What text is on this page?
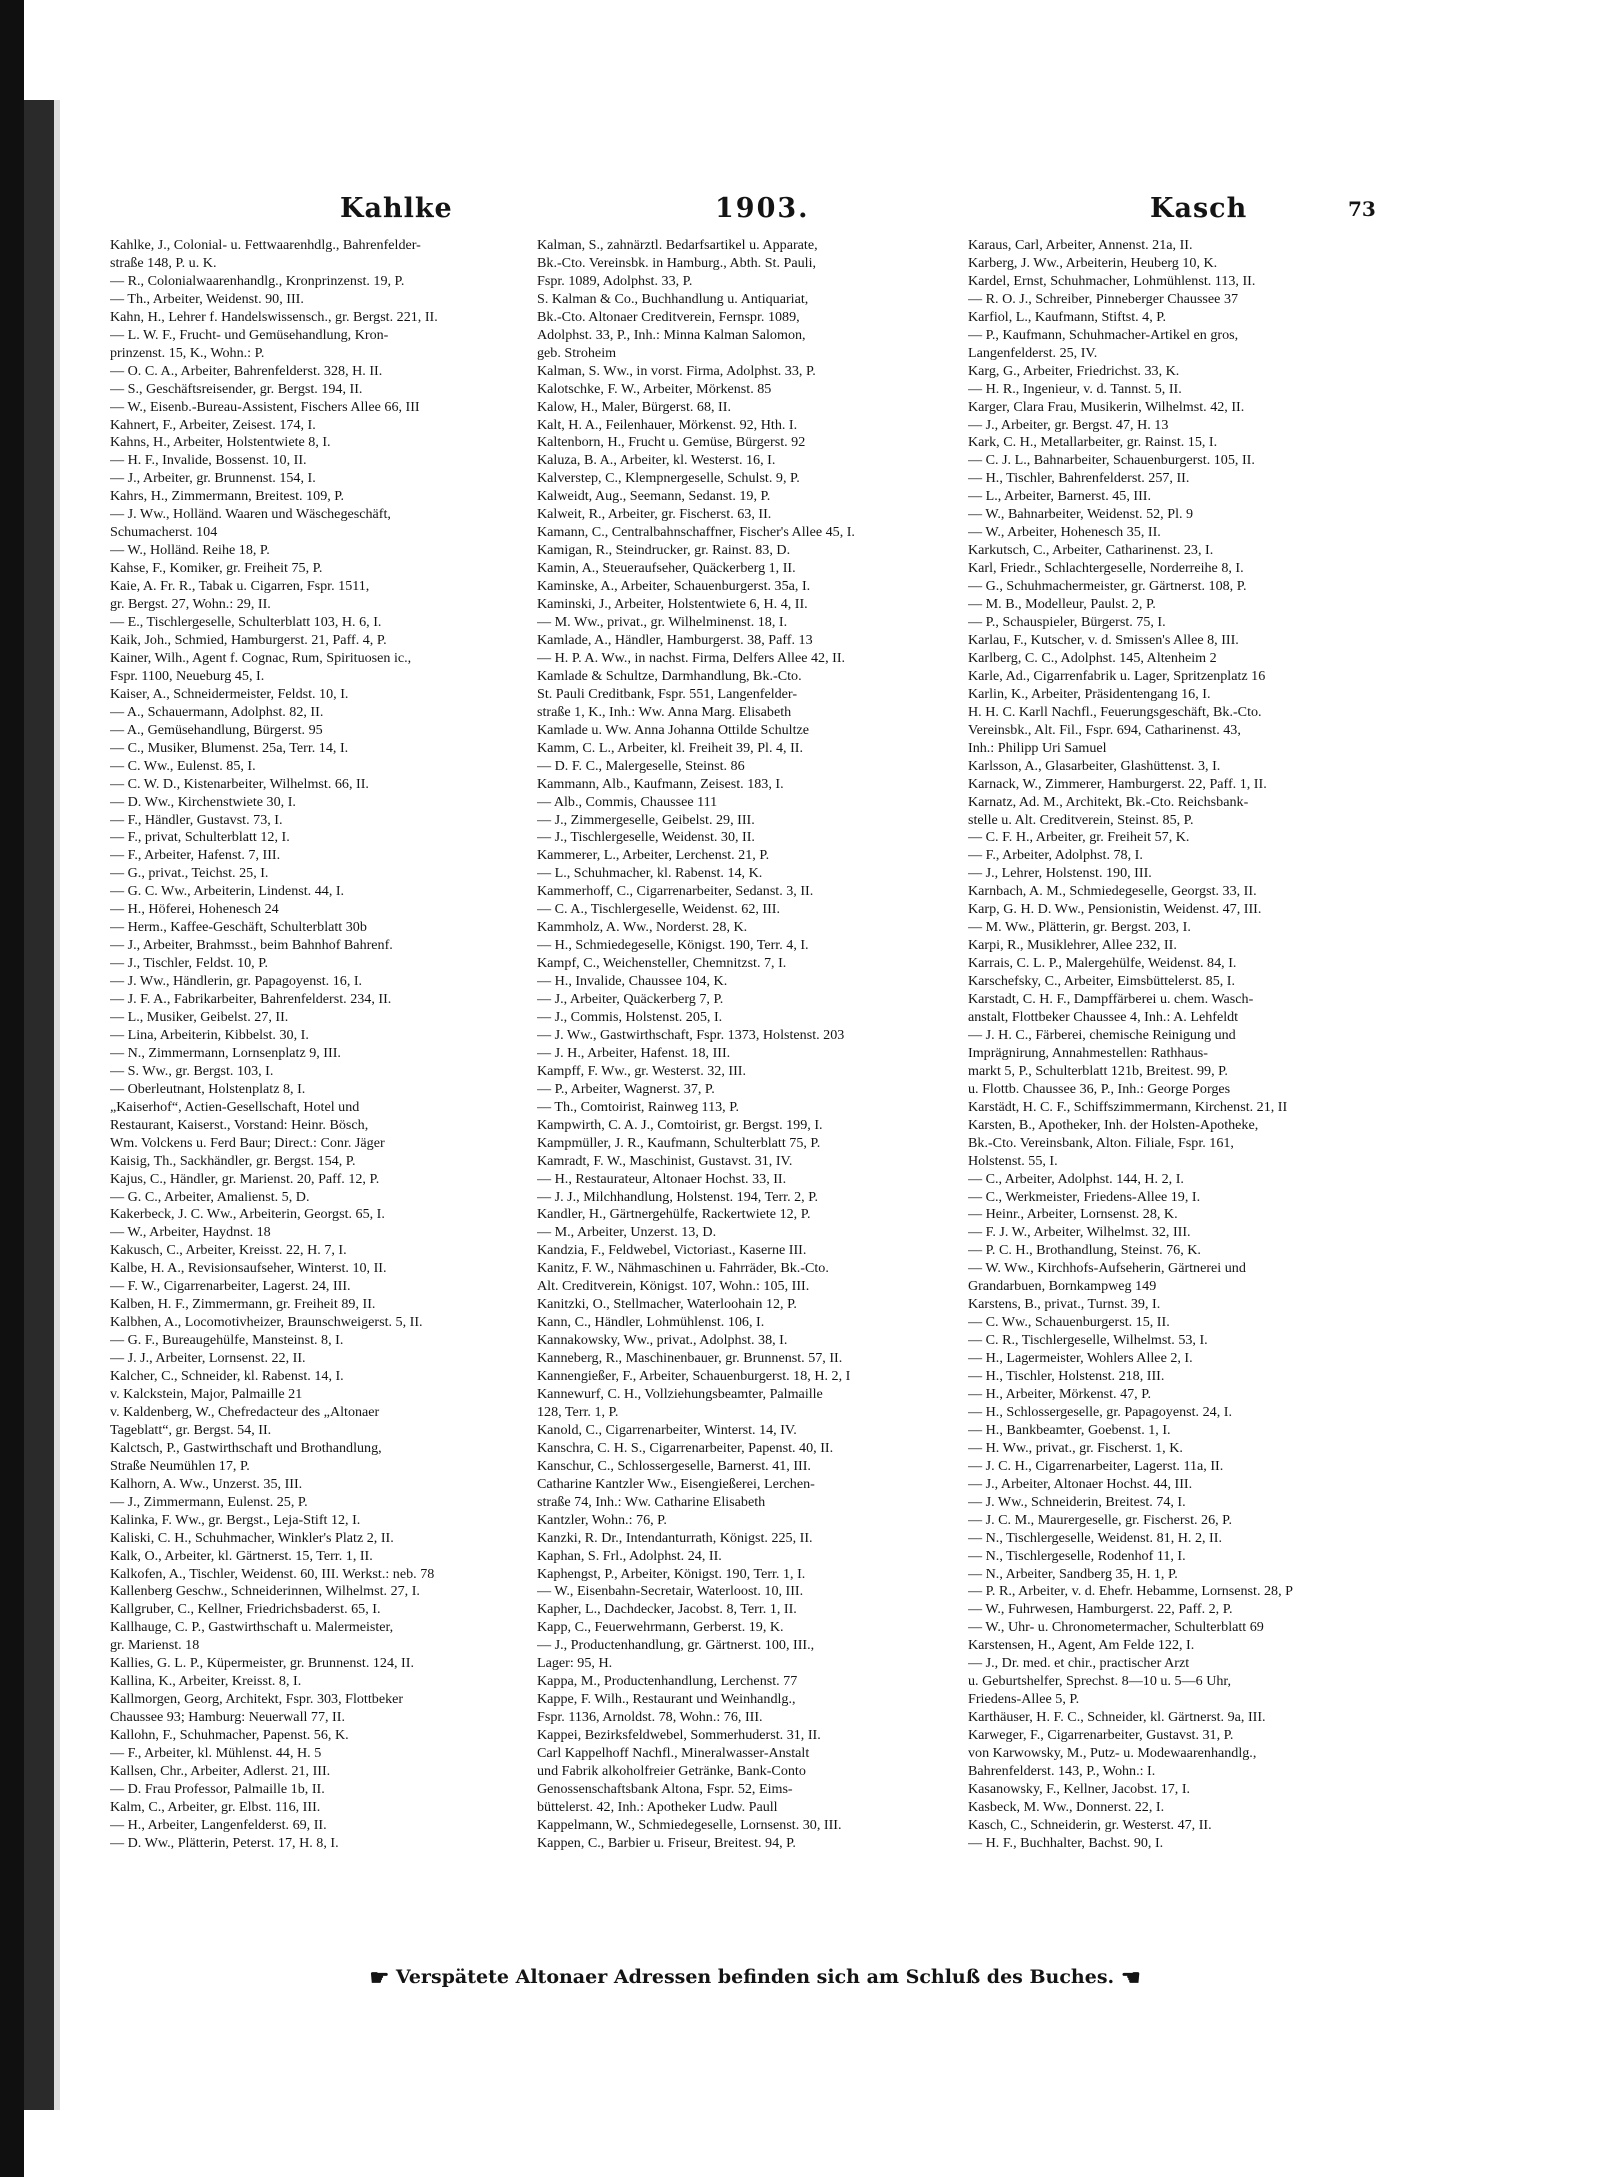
Kahlke	1903.	Kasch	73
Kahlke, J., Colonial- u. Fettwaarenhdlg., Bahrenfelder-
straße 148, P. u. K.
— R., Colonialwaarenhandlg., Kronprinzenst. 19, P.
— Th., Arbeiter, Weidenst. 90, III.
Kahn, H., Lehrer f. Handelswissensch., gr. Bergst. 221, II.
— L. W. F., Frucht- und Gemüsehandlung, Kron-
prinzenst. 15, K., Wohn.: P.
— O. C. A., Arbeiter, Bahrenfelderst. 328, H. II.
— S., Geschäftsreisender, gr. Bergst. 194, II.
— W., Eisenb.-Bureau-Assistent, Fischers Allee 66, III
Kahnert, F., Arbeiter, Zeisest. 174, I.
Kahns, H., Arbeiter, Holstentwiete 8, I.
— H. F., Invalide, Bossenst. 10, II.
— J., Arbeiter, gr. Brunnenst. 154, I.
Kahrs, H., Zimmermann, Breitest. 109, P.
— J. Ww., Holländ. Waaren und Wäschegeschäft,
Schumacherst. 104
— W., Holländ. Reihe 18, P.
Kahse, F., Komiker, gr. Freiheit 75, P.
Kaie, A. Fr. R., Tabak u. Cigarren, Fspr. 1511,
gr. Bergst. 27, Wohn.: 29, II.
— E., Tischlergeselle, Schulterblatt 103, H. 6, I.
Kaik, Joh., Schmied, Hamburgerst. 21, Paff. 4, P.
Kainer, Wilh., Agent f. Cognac, Rum, Spirituosen ic.,
Fspr. 1100, Neueburg 45, I.
Kaiser, A., Schneidermeister, Feldst. 10, I.
— A., Schauermann, Adolphst. 82, II.
— A., Gemüsehandlung, Bürgerst. 95
— C., Musiker, Blumenst. 25a, Terr. 14, I.
— C. Ww., Eulenst. 85, I.
— C. W. D., Kistenarbeiter, Wilhelmst. 66, II.
— D. Ww., Kirchenstwiete 30, I.
— F., Händler, Gustavst. 73, I.
— F., privat, Schulterblatt 12, I.
— F., Arbeiter, Hafenst. 7, III.
— G., privat., Teichst. 25, I.
— G. C. Ww., Arbeiterin, Lindenst. 44, I.
— H., Höferei, Hohenesch 24
— Herm., Kaffee-Geschäft, Schulterblatt 30b
— J., Arbeiter, Brahmsst., beim Bahnhof Bahrenf.
— J., Tischler, Feldst. 10, P.
— J. Ww., Händlerin, gr. Papagoyenst. 16, I.
— J. F. A., Fabrikarbeiter, Bahrenfelderst. 234, II.
— L., Musiker, Geibelst. 27, II.
— Lina, Arbeiterin, Kibbelst. 30, I.
— N., Zimmermann, Lornsenplatz 9, III.
— S. Ww., gr. Bergst. 103, I.
— Oberleutnant, Holstenplatz 8, I.
„Kaiserhof“, Actien-Gesellschaft, Hotel und
Restaurant, Kaiserst., Vorstand: Heinr. Bösch,
Wm. Volckens u. Ferd Baur; Direct.: Conr. Jäger
Kaisig, Th., Sackhändler, gr. Bergst. 154, P.
Kajus, C., Händler, gr. Marienst. 20, Paff. 12, P.
— G. C., Arbeiter, Amalienst. 5, D.
Kakerbeck, J. C. Ww., Arbeiterin, Georgst. 65, I.
— W., Arbeiter, Haydnst. 18
Kakusch, C., Arbeiter, Kreisst. 22, H. 7, I.
Kalbe, H. A., Revisionsaufseher, Winterst. 10, II.
— F. W., Cigarrenarbeiter, Lagerst. 24, III.
Kalben, H. F., Zimmermann, gr. Freiheit 89, II.
Kalbhen, A., Locomotivheizer, Braunschweigerst. 5, II.
— G. F., Bureaugehülfe, Mansteinst. 8, I.
— J. J., Arbeiter, Lornsenst. 22, II.
Kalcher, C., Schneider, kl. Rabenst. 14, I.
v. Kalckstein, Major, Palmaille 21
v. Kaldenberg, W., Chefredacteur des „Altonaer
Tageblatt“, gr. Bergst. 54, II.
Kalctsch, P., Gastwirthschaft und Brothandlung,
Straße Neumühlen 17, P.
Kalhorn, A. Ww., Unzerst. 35, III.
— J., Zimmermann, Eulenst. 25, P.
Kalinka, F. Ww., gr. Bergst., Leja-Stift 12, I.
Kaliski, C. H., Schuhmacher, Winkler's Platz 2, II.
Kalk, O., Arbeiter, kl. Gärtnerst. 15, Terr. 1, II.
Kalkofen, A., Tischler, Weidenst. 60, III. Werkst.: neb. 78
Kallenberg Geschw., Schneiderinnen, Wilhelmst. 27, I.
Kallgruber, C., Kellner, Friedrichsbaderst. 65, I.
Kallhauge, C. P., Gastwirthschaft u. Malermeister,
gr. Marienst. 18
Kallies, G. L. P., Küpermeister, gr. Brunnenst. 124, II.
Kallina, K., Arbeiter, Kreisst. 8, I.
Kallmorgen, Georg, Architekt, Fspr. 303, Flottbeker
Chaussee 93; Hamburg: Neuerwall 77, II.
Kallohn, F., Schuhmacher, Papenst. 56, K.
— F., Arbeiter, kl. Mühlenst. 44, H. 5
Kallsen, Chr., Arbeiter, Adlerst. 21, III.
— D. Frau Professor, Palmaille 1b, II.
Kalm, C., Arbeiter, gr. Elbst. 116, III.
— H., Arbeiter, Langenfelderst. 69, II.
— D. Ww., Plätterin, Peterst. 17, H. 8, I.
Kalman, S., zahnärztl. Bedarfsartikel u. Apparate,
Bk.-Cto. Vereinsbk. in Hamburg., Abth. St. Pauli,
Fspr. 1089, Adolphst. 33, P.
S. Kalman & Co., Buchhandlung u. Antiquariat,
Bk.-Cto. Altonaer Creditverein, Fernspr. 1089,
Adolphst. 33, P., Inh.: Minna Kalman Salomon,
geb. Stroheim
Kalman, S. Ww., in vorst. Firma, Adolphst. 33, P.
Kalotschke, F. W., Arbeiter, Mörkenst. 85
Kalow, H., Maler, Bürgerst. 68, II.
Kalt, H. A., Feilenhauer, Mörkenst. 92, Hth. I.
Kaltenborn, H., Frucht u. Gemüse, Bürgerst. 92
Kaluza, B. A., Arbeiter, kl. Westerst. 16, I.
Kalverstep, C., Klempnergeselle, Schulst. 9, P.
Kalweidt, Aug., Seemann, Sedanst. 19, P.
Kalweit, R., Arbeiter, gr. Fischerst. 63, II.
Kamann, C., Centralbahnschaffner, Fischer's Allee 45, I.
Kamigan, R., Steindrucker, gr. Rainst. 83, D.
Kamin, A., Steueraufseher, Quäckerberg 1, II.
Kaminske, A., Arbeiter, Schauenburgerst. 35a, I.
Kaminski, J., Arbeiter, Holstentwiete 6, H. 4, II.
— M. Ww., privat., gr. Wilhelminenst. 18, I.
Kamlade, A., Händler, Hamburgerst. 38, Paff. 13
— H. P. A. Ww., in nachst. Firma, Delfers Allee 42, II.
Kamlade & Schultze, Darmhandlung, Bk.-Cto.
St. Pauli Creditbank, Fspr. 551, Langenfelder-
straße 1, K., Inh.: Ww. Anna Marg. Elisabeth
Kamlade u. Ww. Anna Johanna Ottilde Schultze
Kamm, C. L., Arbeiter, kl. Freiheit 39, Pl. 4, II.
— D. F. C., Malergeselle, Steinst. 86
Kammann, Alb., Kaufmann, Zeisest. 183, I.
— Alb., Commis, Chaussee 111
— J., Zimmergeselle, Geibelst. 29, III.
— J., Tischlergeselle, Weidenst. 30, II.
Kammerer, L., Arbeiter, Lerchenst. 21, P.
— L., Schuhmacher, kl. Rabenst. 14, K.
Kammerhoff, C., Cigarrenarbeiter, Sedanst. 3, II.
— C. A., Tischlergeselle, Weidenst. 62, III.
Kammholz, A. Ww., Norderst. 28, K.
— H., Schmiedegeselle, Königst. 190, Terr. 4, I.
Kampf, C., Weichensteller, Chemnitzst. 7, I.
— H., Invalide, Chaussee 104, K.
— J., Arbeiter, Quäckerberg 7, P.
— J., Commis, Holstenst. 205, I.
— J. Ww., Gastwirthschaft, Fspr. 1373, Holstenst. 203
— J. H., Arbeiter, Hafenst. 18, III.
Kampff, F. Ww., gr. Westerst. 32, III.
— P., Arbeiter, Wagnerst. 37, P.
— Th., Comtoirist, Rainweg 113, P.
Kampwirth, C. A. J., Comtoirist, gr. Bergst. 199, I.
Kampmüller, J. R., Kaufmann, Schulterblatt 75, P.
Kamradt, F. W., Maschinist, Gustavst. 31, IV.
— H., Restaurateur, Altonaer Hochst. 33, II.
— J. J., Milchhandlung, Holstenst. 194, Terr. 2, P.
Kandler, H., Gärtnergehülfe, Rackertwiete 12, P.
— M., Arbeiter, Unzerst. 13, D.
Kandzia, F., Feldwebel, Victoriast., Kaserne III.
Kanitz, F. W., Nähmaschinen u. Fahrräder, Bk.-Cto.
Alt. Creditverein, Königst. 107, Wohn.: 105, III.
Kanitzki, O., Stellmacher, Waterloohain 12, P.
Kann, C., Händler, Lohmühlenst. 106, I.
Kannakowsky, Ww., privat., Adolphst. 38, I.
Kanneberg, R., Maschinenbauer, gr. Brunnenst. 57, II.
Kannengießer, F., Arbeiter, Schauenburgerst. 18, H. 2, I
Kannewurf, C. H., Vollziehungsbeamter, Palmaille
128, Terr. 1, P.
Kanold, C., Cigarrenarbeiter, Winterst. 14, IV.
Kanschra, C. H. S., Cigarrenarbeiter, Papenst. 40, II.
Kanschur, C., Schlossergeselle, Barnerst. 41, III.
Catharine Kantzler Ww., Eisengießerei, Lerchen-
straße 74, Inh.: Ww. Catharine Elisabeth
Kantzler, Wohn.: 76, P.
Kanzki, R. Dr., Intendanturrath, Königst. 225, II.
Kaphan, S. Frl., Adolphst. 24, II.
Kaphengst, P., Arbeiter, Königst. 190, Terr. 1, I.
— W., Eisenbahn-Secretair, Waterloost. 10, III.
Kapher, L., Dachdecker, Jacobst. 8, Terr. 1, II.
Kapp, C., Feuerwehrmann, Gerberst. 19, K.
— J., Productenhandlung, gr. Gärtnerst. 100, III.,
Lager: 95, H.
Kappa, M., Productenhandlung, Lerchenst. 77
Kappe, F. Wilh., Restaurant und Weinhandlg.,
Fspr. 1136, Arnoldst. 78, Wohn.: 76, III.
Kappei, Bezirksfeldwebel, Sommerhuderst. 31, II.
Carl Kappelhoff Nachfl., Mineralwasser-Anstalt
und Fabrik alkoholfreier Getränke, Bank-Conto
Genossenschaftsbank Altona, Fspr. 52, Eims-
büttelerst. 42, Inh.: Apotheker Ludw. Paull
Kappelmann, W., Schmiedegeselle, Lornsenst. 30, III.
Kappen, C., Barbier u. Friseur, Breitest. 94, P.
Karaus, Carl, Arbeiter, Annenst. 21a, II.
Karberg, J. Ww., Arbeiterin, Heuberg 10, K.
Kardel, Ernst, Schuhmacher, Lohmühlenst. 113, II.
— R. O. J., Schreiber, Pinneberger Chaussee 37
Karfiol, L., Kaufmann, Stiftst. 4, P.
— P., Kaufmann, Schuhmacher-Artikel en gros,
Langenfelderst. 25, IV.
Karg, G., Arbeiter, Friedrichst. 33, K.
— H. R., Ingenieur, v. d. Tannst. 5, II.
Karger, Clara Frau, Musikerin, Wilhelmst. 42, II.
— J., Arbeiter, gr. Bergst. 47, H. 13
Kark, C. H., Metallarbeiter, gr. Rainst. 15, I.
— C. J. L., Bahnarbeiter, Schauenburgerst. 105, II.
— H., Tischler, Bahrenfelderst. 257, II.
— L., Arbeiter, Barnerst. 45, III.
— W., Bahnarbeiter, Weidenst. 52, Pl. 9
— W., Arbeiter, Hohenesch 35, II.
Karkutsch, C., Arbeiter, Catharinenst. 23, I.
Karl, Friedr., Schlachtergeselle, Norderreihe 8, I.
— G., Schuhmachermeister, gr. Gärtnerst. 108, P.
— M. B., Modelleur, Paulst. 2, P.
— P., Schauspieler, Bürgerst. 75, I.
Karlau, F., Kutscher, v. d. Smissen's Allee 8, III.
Karlberg, C. C., Adolphst. 145, Altenheim 2
Karle, Ad., Cigarrenfabrik u. Lager, Spritzenplatz 16
Karlin, K., Arbeiter, Präsidentengang 16, I.
H. H. C. Karll Nachfl., Feuerungsgeschäft, Bk.-Cto.
Vereinsbk., Alt. Fil., Fspr. 694, Catharinenst. 43,
Inh.: Philipp Uri Samuel
Karlsson, A., Glasarbeiter, Glashüttenst. 3, I.
Karnack, W., Zimmerer, Hamburgerst. 22, Paff. 1, II.
Karnatz, Ad. M., Architekt, Bk.-Cto. Reichsbank-
stelle u. Alt. Creditverein, Steinst. 85, P.
— C. F. H., Arbeiter, gr. Freiheit 57, K.
— F., Arbeiter, Adolphst. 78, I.
— J., Lehrer, Holstenst. 190, III.
Karnbach, A. M., Schmiedegeselle, Georgst. 33, II.
Karp, G. H. D. Ww., Pensionistin, Weidenst. 47, III.
— M. Ww., Plätterin, gr. Bergst. 203, I.
Karpi, R., Musiklehrer, Allee 232, II.
Karrais, C. L. P., Malergehülfe, Weidenst. 84, I.
Karschefsky, C., Arbeiter, Eimsbüttelerst. 85, I.
Karstadt, C. H. F., Dampffärberei u. chem. Wasch-
anstalt, Flottbeker Chaussee 4, Inh.: A. Lehfeldt
— J. H. C., Färberei, chemische Reinigung und
Imprägnirung, Annahmestellen: Rathhaus-
markt 5, P., Schulterblatt 121b, Breitest. 99, P.
u. Flottb. Chaussee 36, P., Inh.: George Porges
Karstädt, H. C. F., Schiffszimmermann, Kirchenst. 21, II
Karsten, B., Apotheker, Inh. der Holsten-Apotheke,
Bk.-Cto. Vereinsbank, Alton. Filiale, Fspr. 161,
Holstenst. 55, I.
— C., Arbeiter, Adolphst. 144, H. 2, I.
— C., Werkmeister, Friedens-Allee 19, I.
— Heinr., Arbeiter, Lornsenst. 28, K.
— F. J. W., Arbeiter, Wilhelmst. 32, III.
— P. C. H., Brothandlung, Steinst. 76, K.
— W. Ww., Kirchhofs-Aufseherin, Gärtnerei und
Grandarbuen, Bornkampweg 149
Karstens, B., privat., Turnst. 39, I.
— C. Ww., Schauenburgerst. 15, II.
— C. R., Tischlergeselle, Wilhelmst. 53, I.
— H., Lagermeister, Wohlers Allee 2, I.
— H., Tischler, Holstenst. 218, III.
— H., Arbeiter, Mörkenst. 47, P.
— H., Schlossergeselle, gr. Papagoyenst. 24, I.
— H., Bankbeamter, Goebenst. 1, I.
— H. Ww., privat., gr. Fischerst. 1, K.
— J. C. H., Cigarrenarbeiter, Lagerst. 11a, II.
— J., Arbeiter, Altonaer Hochst. 44, III.
— J. Ww., Schneiderin, Breitest. 74, I.
— J. C. M., Maurergeselle, gr. Fischerst. 26, P.
— N., Tischlergeselle, Weidenst. 81, H. 2, II.
— N., Tischlergeselle, Rodenhof 11, I.
— N., Arbeiter, Sandberg 35, H. 1, P.
— P. R., Arbeiter, v. d. Ehefr. Hebamme, Lornsenst. 28, P
— W., Fuhrwesen, Hamburgerst. 22, Paff. 2, P.
— W., Uhr- u. Chronometermacher, Schulterblatt 69
Karstensen, H., Agent, Am Felde 122, I.
— J., Dr. med. et chir., practischer Arzt
u. Geburtshelfer, Sprechst. 8—10 u. 5—6 Uhr,
Friedens-Allee 5, P.
Karthäuser, H. F. C., Schneider, kl. Gärtnerst. 9a, III.
Karweger, F., Cigarrenarbeiter, Gustavst. 31, P.
von Karwowsky, M., Putz- u. Modewaarenhandlg.,
Bahrenfelderst. 143, P., Wohn.: I.
Kasanowsky, F., Kellner, Jacobst. 17, I.
Kasbeck, M. Ww., Donnerst. 22, I.
Kasch, C., Schneiderin, gr. Westerst. 47, II.
— H. F., Buchhalter, Bachst. 90, I.
☛ Verspätete Altonaer Adressen befinden sich am Schluß des Buches. ☛
